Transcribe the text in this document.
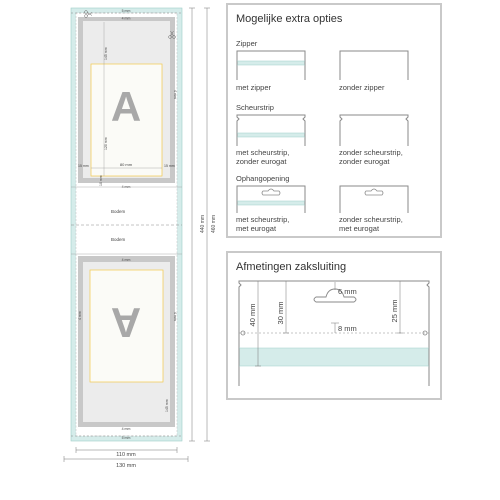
A
80 mm
145 mm
120 mm
15 mm	15 mm
4 mm
4 mm
10 mm
5 mm
4 mm
Bodem
Bodem
A
4 mm
4 mm
4 mm	4 mm
145 mm
5 mm
440 mm 460 mm
110 mm
130 mm
Mogelijke extra opties
Zipper
met zipper	zonder zipper
Scheurstrip
met scheurstrip,
zonder eurogat
zonder scheurstrip,
zonder eurogat
Ophangopening
met scheurstrip,
met eurogat
zonder scheurstrip,
met eurogat
Afmetingen zaksluiting
6 mm
8 mm
40 mm	30 mm	25 mm
